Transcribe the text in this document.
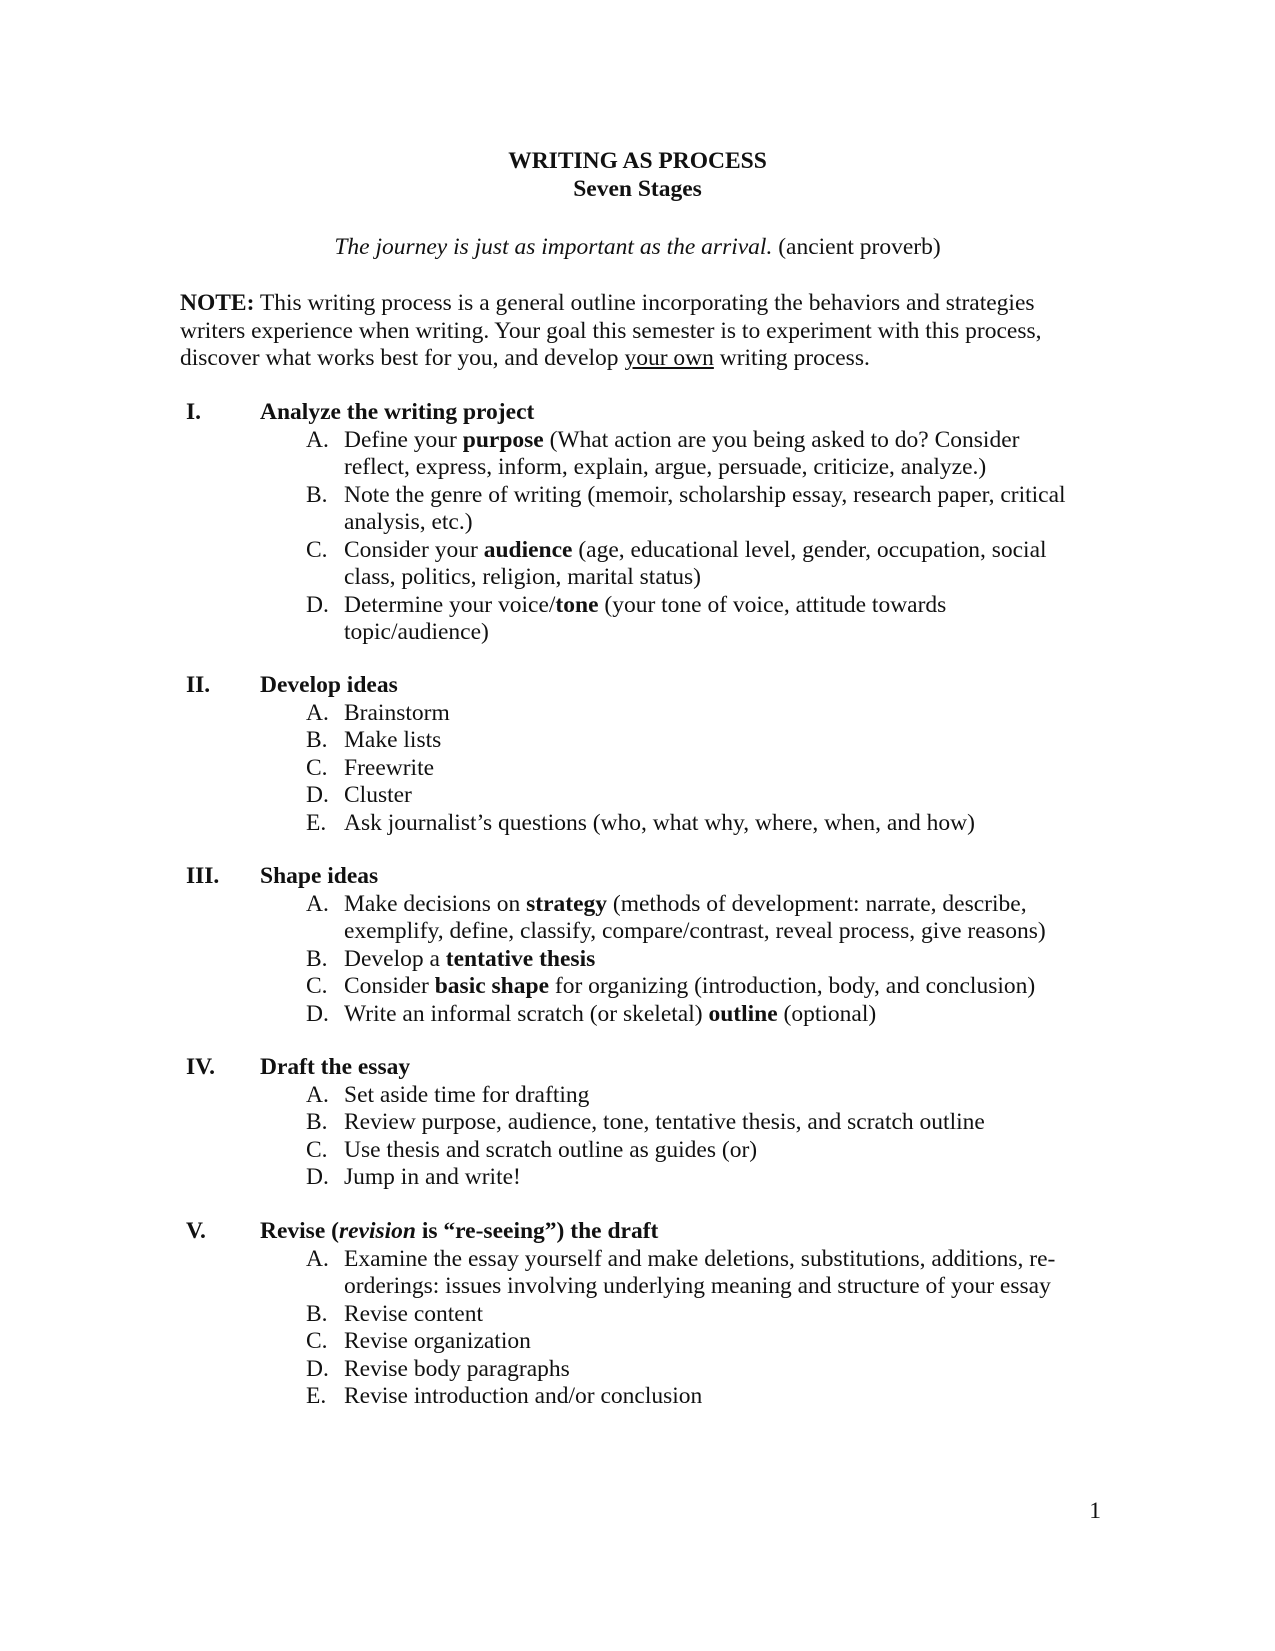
WRITING AS PROCESS
Seven Stages
The journey is just as important as the arrival. (ancient proverb)
NOTE: This writing process is a general outline incorporating the behaviors and strategies
writers experience when writing. Your goal this semester is to experiment with this process,
discover what works best for you, and develop your own writing process.
I.	Analyze the writing project
A. Define your purpose (What action are you being asked to do? Consider
reflect, express, inform, explain, argue, persuade, criticize, analyze.)
B. Note the genre of writing (memoir, scholarship essay, research paper, critical
analysis, etc.)
C. Consider your audience (age, educational level, gender, occupation, social
class, politics, religion, marital status)
D. Determine your voice/tone (your tone of voice, attitude towards
topic/audience)
II. Develop ideas
A. Brainstorm
B. Make lists
C. Freewrite
D. Cluster
E. Ask journalist’s questions (who, what why, where, when, and how)
III. Shape ideas
A. Make decisions on strategy (methods of development: narrate, describe,
exemplify, define, classify, compare/contrast, reveal process, give reasons)
B. Develop a tentative thesis
C. Consider basic shape for organizing (introduction, body, and conclusion)
D. Write an informal scratch (or skeletal) outline (optional)
IV. Draft the essay
A. Set aside time for drafting
B. Review purpose, audience, tone, tentative thesis, and scratch outline
C. Use thesis and scratch outline as guides (or)
D. Jump in and write!
V. Revise (revision is “re-seeing”) the draft
A. Examine the essay yourself and make deletions, substitutions, additions, re-
orderings: issues involving underlying meaning and structure of your essay
B. Revise content
C. Revise organization
D. Revise body paragraphs
E. Revise introduction and/or conclusion
1
